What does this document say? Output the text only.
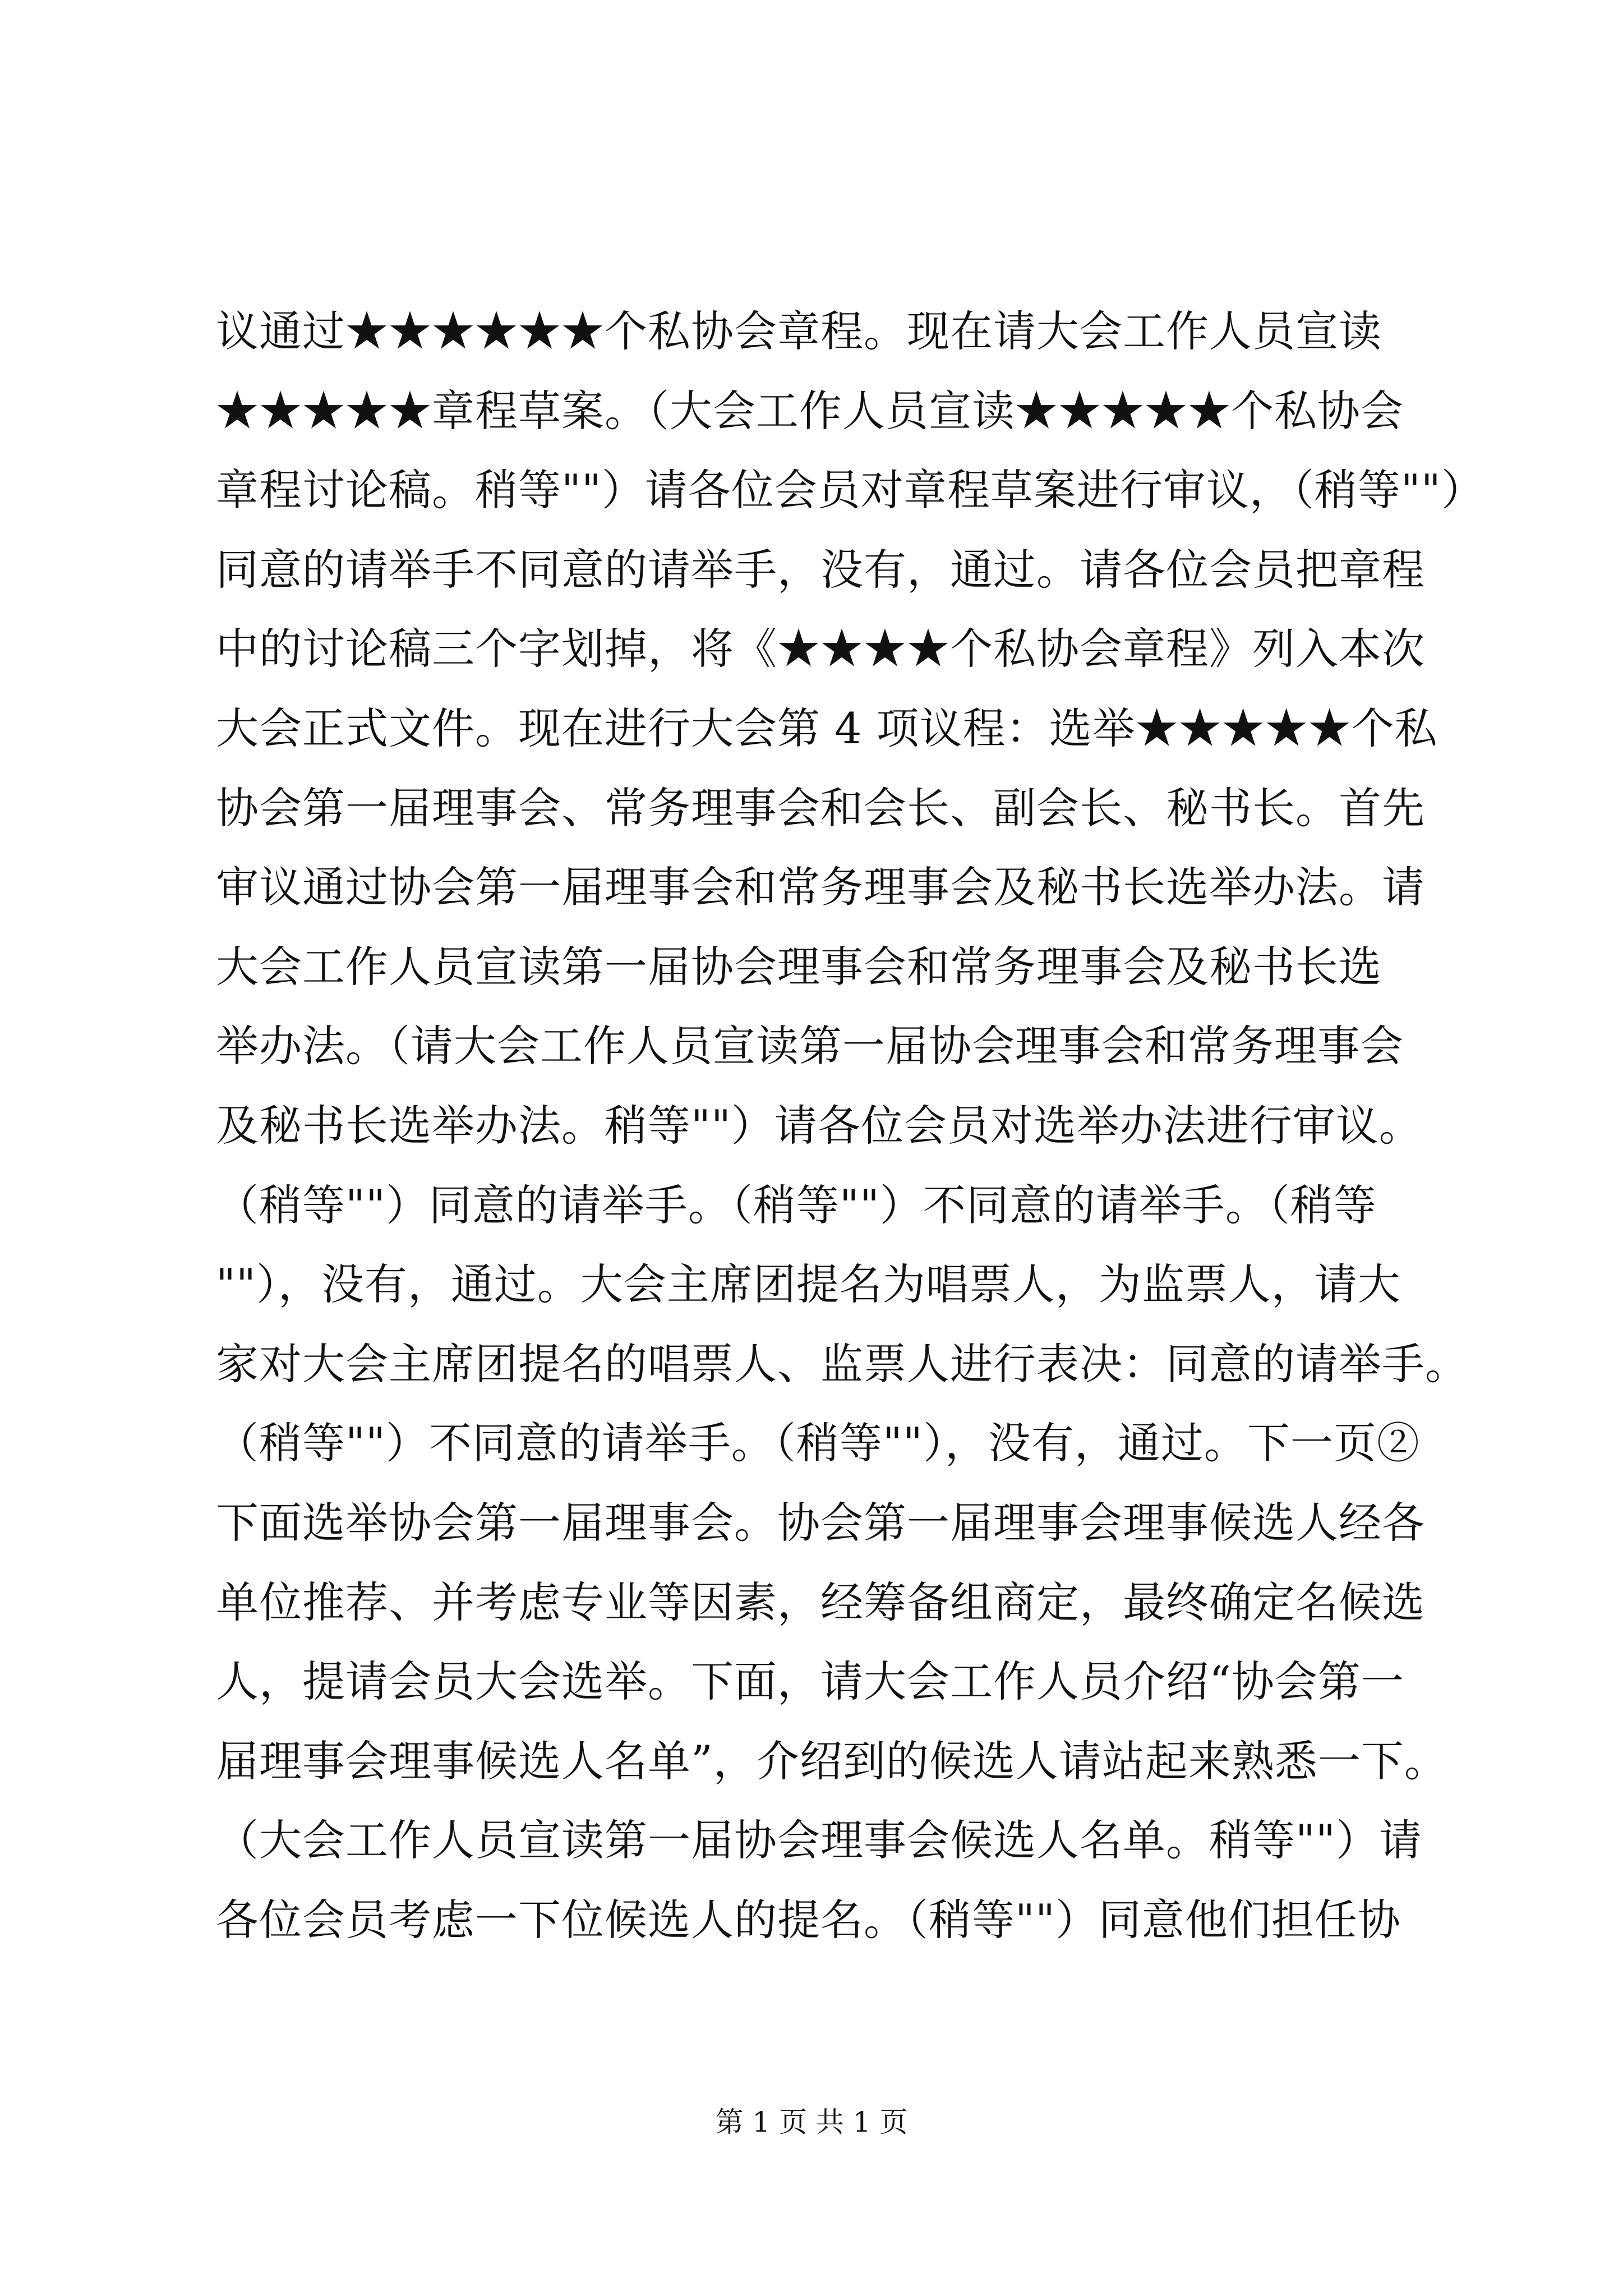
议通过★★★★★★个私协会章程。现在请大会工作人员宣读
★★★★★章程草案。（大会工作人员宣读★★★★★个私协会
章程讨论稿。稍等""）请各位会员对章程草案进行审议，（稍等""）
同意的请举手不同意的请举手，没有，通过。请各位会员把章程
中的讨论稿三个字划掉，将《★★★★个私协会章程》列入本次
大会正式文件。现在进行大会第 4 项议程：选举★★★★★个私
协会第一届理事会、常务理事会和会长、副会长、秘书长。首先
审议通过协会第一届理事会和常务理事会及秘书长选举办法。请
大会工作人员宣读第一届协会理事会和常务理事会及秘书长选
举办法。（请大会工作人员宣读第一届协会理事会和常务理事会
及秘书长选举办法。稍等""）请各位会员对选举办法进行审议。
（稍等""）同意的请举手。（稍等""）不同意的请举手。（稍等
""），没有，通过。大会主席团提名为唱票人，为监票人，请大
家对大会主席团提名的唱票人、监票人进行表决：同意的请举手。
（稍等""）不同意的请举手。（稍等""），没有，通过。下一页②
下面选举协会第一届理事会。协会第一届理事会理事候选人经各
单位推荐、并考虑专业等因素，经筹备组商定，最终确定名候选
人，提请会员大会选举。下面，请大会工作人员介绍“协会第一
届理事会理事候选人名单”，介绍到的候选人请站起来熟悉一下。
（大会工作人员宣读第一届协会理事会候选人名单。稍等""）请
各位会员考虑一下位候选人的提名。（稍等""）同意他们担任协
第 1 页 共 1 页
